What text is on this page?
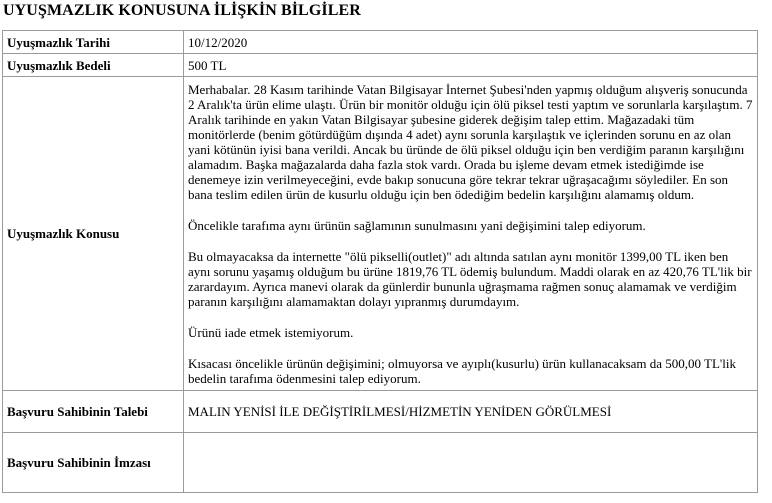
UYUŞMAZLIK KONUSUNA İLİŞKİN BİLGİLER
Uyuşmazlık Tarihi	10/12/2020
Uyuşmazlık Bedeli	500 TL
Uyuşmazlık Konusu	Merhabalar. 28 Kasım tarihinde Vatan Bilgisayar İnternet Şubesi'nden yapmış olduğum alışveriş sonucunda 2 Aralık'ta ürün elime ulaştı. Ürün bir monitör olduğu için ölü piksel testi yaptım ve sorunlarla karşılaştım. 7 Aralık tarihinde en yakın Vatan Bilgisayar şubesine giderek değişim talep ettim. Mağazadaki tüm monitörlerde (benim götürdüğüm dışında 4 adet) aynı sorunla karşılaştık ve içlerinden sorunu en az olan yani kötünün iyisi bana verildi. Ancak bu üründe de ölü piksel olduğu için ben verdiğim paranın karşılığını alamadım. Başka mağazalarda daha fazla stok vardı. Orada bu işleme devam etmek istediğimde ise denemeye izin verilmeyeceğini, evde bakıp sonucuna göre tekrar tekrar uğraşacağımı söylediler. En son bana teslim edilen ürün de kusurlu olduğu için ben ödediğim bedelin karşılığını alamamış oldum.
Öncelikle tarafıma aynı ürünün sağlamının sunulmasını yani değişimini talep ediyorum.
Bu olmayacaksa da internette "ölü pikselli(outlet)" adı altında satılan aynı monitör 1399,00 TL iken ben aynı sorunu yaşamış olduğum bu ürüne 1819,76 TL ödemiş bulundum. Maddi olarak en az 420,76 TL'lik bir zarardayım. Ayrıca manevi olarak da günlerdir bununla uğraşmama rağmen sonuç alamamak ve verdiğim paranın karşılığını alamamaktan dolayı yıpranmış durumdayım.
Ürünü iade etmek istemiyorum.
Kısacası öncelikle ürünün değişimini; olmuyorsa ve ayıplı(kusurlu) ürün kullanacaksam da 500,00 TL'lik bedelin tarafıma ödenmesini talep ediyorum.

Başvuru Sahibinin Talebi	MALIN YENİSİ İLE DEĞİŞTİRİLMESİ/HİZMETİN YENİDEN GÖRÜLMESİ
Başvuru Sahibinin İmzası	
